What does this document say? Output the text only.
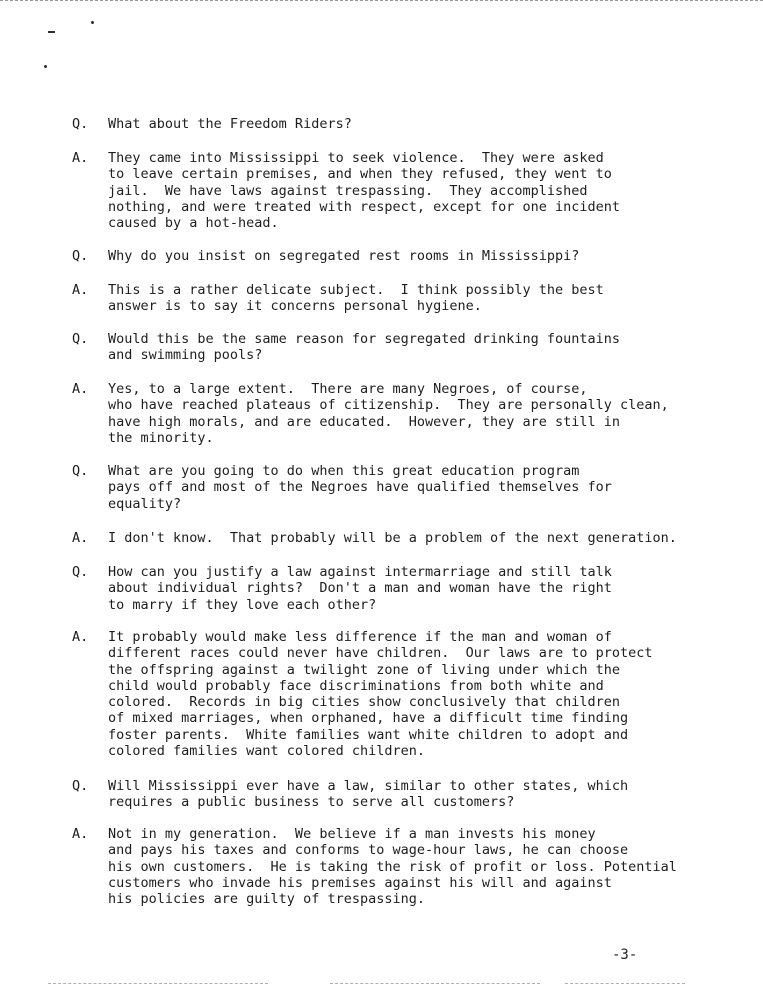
Q.	What about the Freedom Riders?
A.	They came into Mississippi to seek violence.  They were asked
to leave certain premises, and when they refused, they went to
jail.  We have laws against trespassing.  They accomplished
nothing, and were treated with respect, except for one incident
caused by a hot-head.
Q.	Why do you insist on segregated rest rooms in Mississippi?
A.	This is a rather delicate subject.  I think possibly the best
answer is to say it concerns personal hygiene.
Q.	Would this be the same reason for segregated drinking fountains
and swimming pools?
A.	Yes, to a large extent.  There are many Negroes, of course,
who have reached plateaus of citizenship.  They are personally clean,
have high morals, and are educated.  However, they are still in
the minority.
Q.	What are you going to do when this great education program
pays off and most of the Negroes have qualified themselves for
equality?
A.	I don't know.  That probably will be a problem of the next generation.
Q.	How can you justify a law against intermarriage and still talk
about individual rights?  Don't a man and woman have the right
to marry if they love each other?
A.	It probably would make less difference if the man and woman of
different races could never have children.  Our laws are to protect
the offspring against a twilight zone of living under which the
child would probably face discriminations from both white and
colored.  Records in big cities show conclusively that children
of mixed marriages, when orphaned, have a difficult time finding
foster parents.  White families want white children to adopt and
colored families want colored children.
Q.	Will Mississippi ever have a law, similar to other states, which
requires a public business to serve all customers?
A.	Not in my generation.  We believe if a man invests his money
and pays his taxes and conforms to wage-hour laws, he can choose
his own customers.  He is taking the risk of profit or loss. Potential
customers who invade his premises against his will and against
his policies are guilty of trespassing.
-3-
